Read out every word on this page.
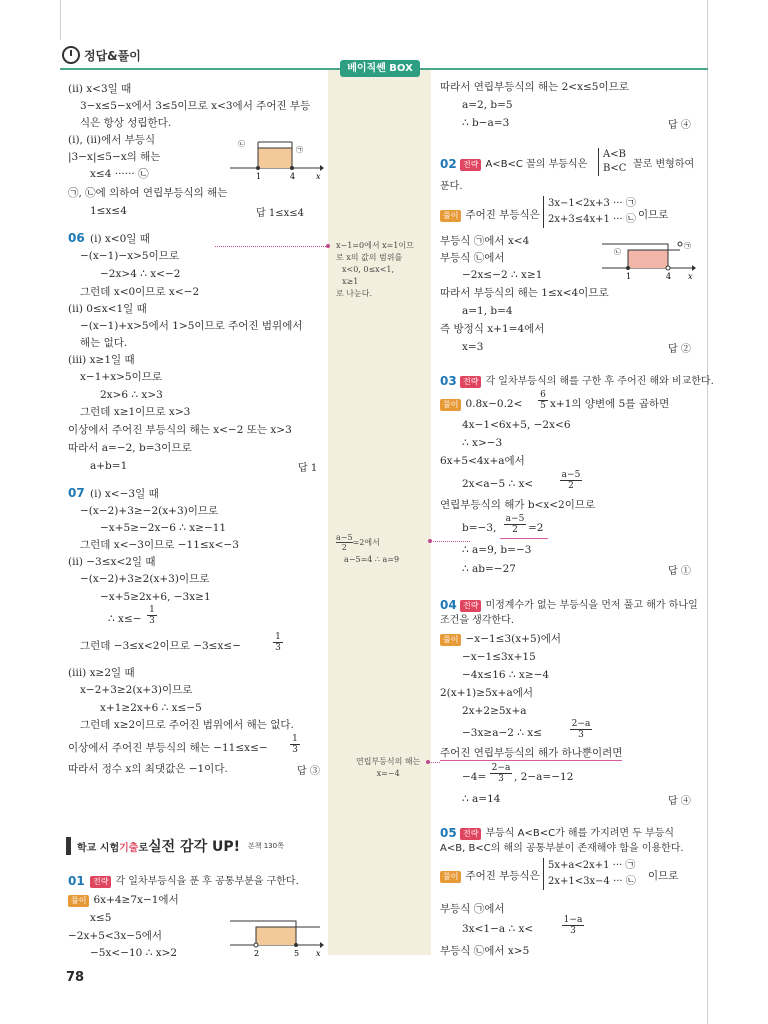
정답&풀이
베이직쎈 BOX
(ii) x<3일 때
3−x≤5−x에서 3≤5이므로 x<3에서 주어진 부등
식은 항상 성립한다.
(i), (ii)에서 부등식
|3−x|≤5−x의 해는
x≤4 ······ ㉡
㉠, ㉡에 의하여 연립부등식의 해는
1≤x≤4	답 1≤x≤4
1	4	x
㉡
㉠
06 (i) x<0일 때
−(x−1)−x>5이므로
−2x>4 ∴ x<−2
그런데 x<0이므로 x<−2
(ii) 0≤x<1일 때
−(x−1)+x>5에서 1>5이므로 주어진 범위에서
해는 없다.
(iii) x≥1일 때
x−1+x>5이므로
2x>6 ∴ x>3
그런데 x≥1이므로 x>3
이상에서 주어진 부등식의 해는 x<−2 또는 x>3
따라서 a=−2, b=3이므로
a+b=1	답 1
07 (i) x<−3일 때
−(x−2)+3≥−2(x+3)이므로
−x+5≥−2x−6 ∴ x≥−11
그런데 x<−3이므로 −11≤x<−3
(ii) −3≤x<2일 때
−(x−2)+3≥2(x+3)이므로
−x+5≥2x+6, −3x≥1
∴ $x\le- \frac{1}{3}$
그런데 −3≤x<2이므로 −3≤x≤−	$\frac{1}{3}$
(iii) x≥2일 때
x−2+3≥2(x+3)이므로
x+1≥2x+6 ∴ x≤−5
그런데 x≥2이므로 주어진 범위에서 해는 없다.
이상에서 주어진 부등식의 해는 $-11\le x\le- \frac{1}{3}$
따라서 정수 x의 최댓값은 −1이다.	답 ③
학교 시험 기출 로 실전 감각 UP! 본책 130쪽
01	전략 각 일차부등식을 푼 후 공통부분을 구한다.
풀이 6x+4≥7x−1에서
x≤5
−2x+5<3x−5에서
−5x<−10 ∴ x>2	2	5 x
78
x−1=0에서 x=1이므
로 x의 값의 범위를
x<0, 0≤x<1,
x≥1
로 나눈다.
$\frac{a-5}{2} =2$에서
a−5=4 ∴ a=9
연립부등식의 해는
x=−4
따라서 연립부등식의 해는 2<x≤5이므로
a=2, b=5
∴ b−a=3	답 ④
02 전략 A<B<C 꼴의 부등식은
A<B
B<C 꼴로 변형하여
푼다.
풀이 주어진 부등식은
3x−1<2x+3 ··· ㉠
2x+3≤4x+1 ··· ㉡ 이므로
부등식 ㉠에서 x<4
부등식 ㉡에서
−2x≤−2 ∴ x≥1
따라서 부등식의 해는 1≤x<4이므로
a=1, b=4
즉 방정식 x+1=4에서
x=3	답 ②
1	4 x
㉡
㉠
03 전략 각 일차부등식의 해를 구한 후 주어진 해와 비교한다.
풀이 $0.8x-0.2< \frac{6}{5} x+1$의 양변에 5를 곱하면
4x−1<6x+5, −2x<6
∴ x>−3
6x+5<4x+a에서
2x<a−5 ∴ x<	$\frac{a-5}{2}$
연립부등식의 해가 b<x<2이므로
b=−3, $\frac{a-5}{2} =2$
∴ a=9, b=−3
∴ ab=−27	답 ①
04 전략 미정계수가 없는 부등식을 먼저 풀고 해가 하나일
조건을 생각한다.
풀이 −x−1≤3(x+5)에서
−x−1≤3x+15
−4x≤16 ∴ x≥−4
2(x+1)≥5x+a에서
2x+2≥5x+a
−3x≥a−2 ∴ x≤	$\frac{2-a}{3}$
주어진 연립부등식의 해가 하나뿐이려면
$-4= \frac{2-a}{3}$ , 2−a=−12
∴ a=14	답 ④
05 전략 부등식 A<B<C가 해를 가지려면 두 부등식
A<B, B<C의 해의 공통부분이 존재해야 함을 이용한다.
풀이 주어진 부등식은
5x+a<2x+1 ··· ㉠
2x+1<3x−4 ··· ㉡ 이므로
부등식 ㉠에서
3x<1−a ∴ x<	$\frac{1-a}{3}$
부등식 ㉡에서 x>5
